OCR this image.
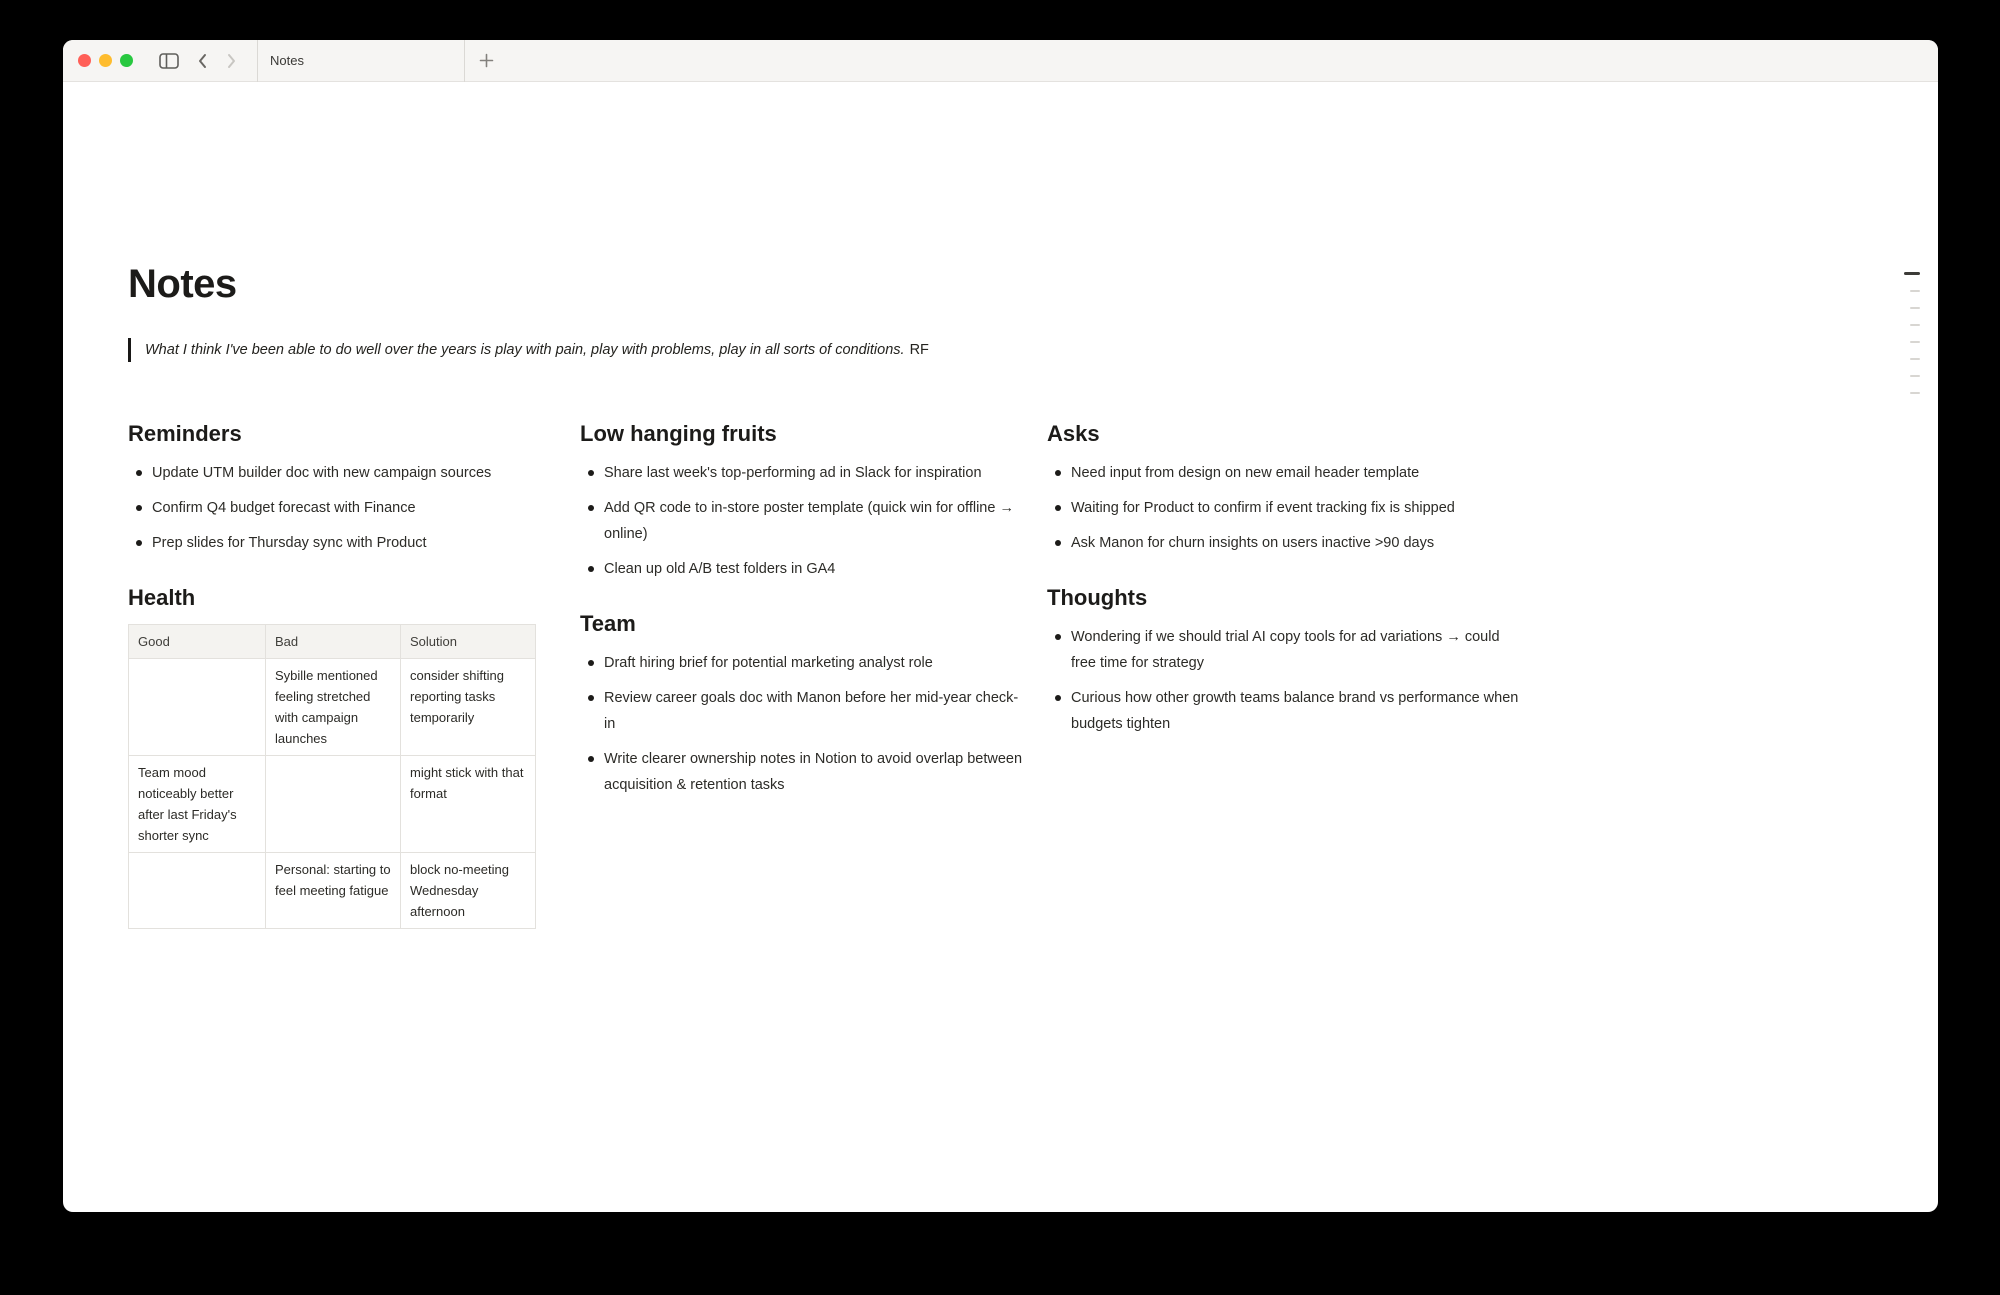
Notes
Notes
What I think I've been able to do well over the years is play with pain, play with problems, play in all sorts of conditions. RF
Reminders
Update UTM builder doc with new campaign sources
Confirm Q4 budget forecast with Finance
Prep slides for Thursday sync with Product
Health
Good	Bad	Solution
	Sybille mentioned feeling stretched with campaign launches	consider shifting reporting tasks temporarily
Team mood noticeably better after last Friday's shorter sync		might stick with that format
	Personal: starting to feel meeting fatigue	block no-meeting Wednesday afternoon
Low hanging fruits
Share last week's top-performing ad in Slack for inspiration
Add QR code to in-store poster template (quick win for offline → online)
Clean up old A/B test folders in GA4
Team
Draft hiring brief for potential marketing analyst role
Review career goals doc with Manon before her mid-year check-in
Write clearer ownership notes in Notion to avoid overlap between acquisition & retention tasks
Asks
Need input from design on new email header template
Waiting for Product to confirm if event tracking fix is shipped
Ask Manon for churn insights on users inactive >90 days
Thoughts
Wondering if we should trial AI copy tools for ad variations → could free time for strategy
Curious how other growth teams balance brand vs performance when budgets tighten
